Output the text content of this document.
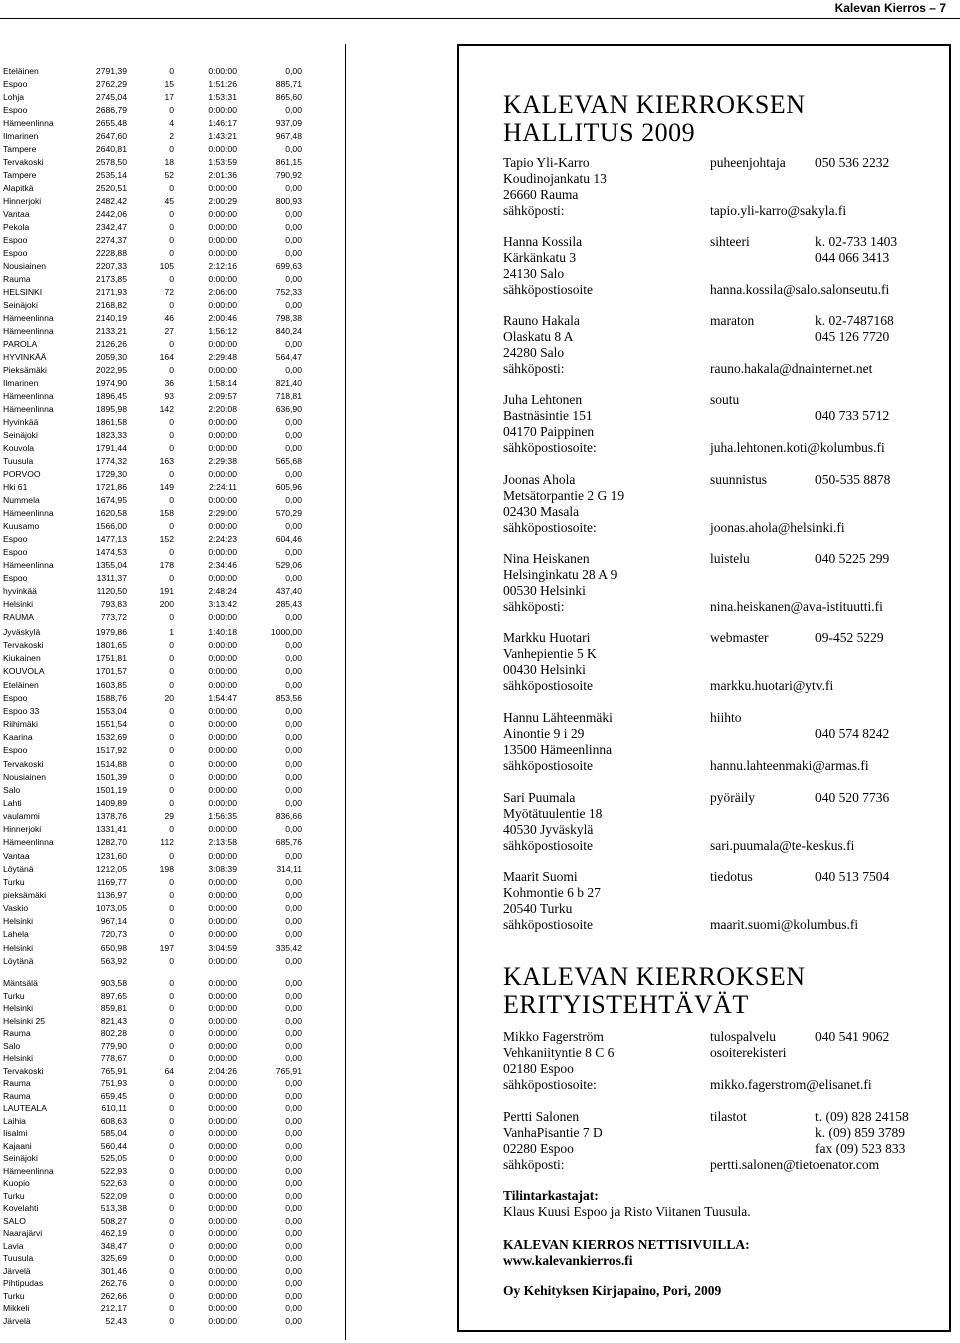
Kalevan Kierros – 7
Eteläinen	2791,39	0	0:00:00	0,00
Espoo	2762,29	15	1:51:26	885,71
Lohja	2745,04	17	1:53:31	865,60
Espoo	2686,79	0	0:00:00	0,00
Hämeenlinna	2655,48	4	1:46:17	937,09
Ilmarinen	2647,60	2	1:43:21	967,48
Tampere	2640,81	0	0:00:00	0,00
Tervakoski	2578,50	18	1:53:59	861,15
Tampere	2535,14	52	2:01:36	790,92
Alapitkä	2520,51	0	0:00:00	0,00
Hinnerjoki	2482,42	45	2:00:29	800,93
Vantaa	2442,06	0	0:00:00	0,00
Pekola	2342,47	0	0:00:00	0,00
Espoo	2274,37	0	0:00:00	0,00
Espoo	2228,88	0	0:00:00	0,00
Nousiainen	2207,33	105	2:12:16	699,63
Rauma	2173,85	0	0:00:00	0,00
HELSINKI	2171,93	72	2:06:00	752,33
Seinäjoki	2168,82	0	0:00:00	0,00
Hämeenlinna	2140,19	46	2:00:46	798,38
Hämeenlinna	2133,21	27	1:56:12	840,24
PAROLA	2126,26	0	0:00:00	0,00
HYVINKÄÄ	2059,30	164	2:29:48	564,47
Pieksämäki	2022,95	0	0:00:00	0,00
Ilmarinen	1974,90	36	1:58:14	821,40
Hämeenlinna	1896,45	93	2:09:57	718,81
Hämeenlinna	1895,98	142	2:20:08	636,90
Hyvinkää	1861,58	0	0:00:00	0,00
Seinäjoki	1823,33	0	0:00:00	0,00
Kouvola	1791,44	0	0:00:00	0,00
Tuusula	1774,32	163	2:29:38	565,68
PORVOO	1729,30	0	0:00:00	0,00
Hki 61	1721,86	149	2:24:11	605,96
Nummela	1674,95	0	0:00:00	0,00
Hämeenlinna	1620,58	158	2:29:00	570,29
Kuusamo	1566,00	0	0:00:00	0,00
Espoo	1477,13	152	2:24:23	604,46
Espoo	1474,53	0	0:00:00	0,00
Hämeenlinna	1355,04	178	2:34:46	529,06
Espoo	1311,37	0	0:00:00	0,00
hyvinkää	1120,50	191	2:48:24	437,40
Helsinki	793,83	200	3:13:42	285,43
RAUMA	773,72	0	0:00:00	0,00
Jyväskylä	1979,86	1	1:40:18	1000,00
Tervakoski	1801,65	0	0:00:00	0,00
Kiukainen	1751,81	0	0:00:00	0,00
KOUVOLA	1701,57	0	0:00:00	0,00
Eteläinen	1603,85	0	0:00:00	0,00
Espoo	1588,76	20	1:54:47	853,56
Espoo 33	1553,04	0	0:00:00	0,00
Riihimäki	1551,54	0	0:00:00	0,00
Kaarina	1532,69	0	0:00:00	0,00
Espoo	1517,92	0	0:00:00	0,00
Tervakoski	1514,88	0	0:00:00	0,00
Nousiainen	1501,39	0	0:00:00	0,00
Salo	1501,19	0	0:00:00	0,00
Lahti	1409,89	0	0:00:00	0,00
vaulammi	1378,76	29	1:56:35	836,66
Hinnerjoki	1331,41	0	0:00:00	0,00
Hämeenlinna	1282,70	112	2:13:58	685,76
Vantaa	1231,60	0	0:00:00	0,00
Löytänä	1212,05	198	3:08:39	314,11
Turku	1169,77	0	0:00:00	0,00
pieksämäki	1136,97	0	0:00:00	0,00
Vaskio	1073,05	0	0:00:00	0,00
Helsinki	967,14	0	0:00:00	0,00
Lahela	720,73	0	0:00:00	0,00
Helsinki	650,98	197	3:04:59	335,42
Löytänä	563,92	0	0:00:00	0,00
Mäntsälä	903,58	0	0:00:00	0,00
Turku	897,65	0	0:00:00	0,00
Helsinki	859,81	0	0:00:00	0,00
Helsinki 25	821,43	0	0:00:00	0,00
Rauma	802,28	0	0:00:00	0,00
Salo	779,90	0	0:00:00	0,00
Helsinki	778,67	0	0:00:00	0,00
Tervakoski	765,91	64	2:04:26	765,91
Rauma	751,93	0	0:00:00	0,00
Rauma	659,45	0	0:00:00	0,00
LAUTEALA	610,11	0	0:00:00	0,00
Laihia	608,63	0	0:00:00	0,00
Iisalmi	585,04	0	0:00:00	0,00
Kajaani	560,44	0	0:00:00	0,00
Seinäjoki	525,05	0	0:00:00	0,00
Hämeenlinna	522,93	0	0:00:00	0,00
Kuopio	522,63	0	0:00:00	0,00
Turku	522,09	0	0:00:00	0,00
Kovelahti	513,38	0	0:00:00	0,00
SALO	508,27	0	0:00:00	0,00
Naarajärvi	462,19	0	0:00:00	0,00
Lavia	348,47	0	0:00:00	0,00
Tuusula	325,69	0	0:00:00	0,00
Järvelä	301,46	0	0:00:00	0,00
Pihtipudas	262,76	0	0:00:00	0,00
Turku	262,66	0	0:00:00	0,00
Mikkeli	212,17	0	0:00:00	0,00
Järvelä	52,43	0	0:00:00	0,00
KALEVAN KIERROKSEN
HALLITUS 2009
KALEVAN KIERROKSEN
ERITYISTEHTÄVÄT
Tapio Yli-Karro	puheenjohtaja 050 536 2232
Koudinojankatu 13
26660 Rauma
sähköposti:	tapio.yli-karro@sakyla.fi
Hanna Kossila	sihteeri	k. 02-733 1403
Kärkänkatu 3	044 066 3413
24130 Salo
sähköpostiosoite	hanna.kossila@salo.salonseutu.fi
Rauno Hakala	maraton	k. 02-7487168
Olaskatu 8 A	045 126 7720
24280 Salo
sähköposti:	rauno.hakala@dnainternet.net
Juha Lehtonen	soutu
Bastnäsintie 151	040 733 5712
04170 Paippinen
sähköpostiosoite:	juha.lehtonen.koti@kolumbus.fi
Joonas Ahola	suunnistus	050-535 8878
Metsätorpantie 2 G 19
02430 Masala
sähköpostiosoite:	joonas.ahola@helsinki.fi
Nina Heiskanen	luistelu	040 5225 299
Helsinginkatu 28 A 9
00530 Helsinki
sähköposti:	nina.heiskanen@ava-istituutti.fi
Markku Huotari	webmaster	09-452 5229
Vanhepientie 5 K
00430 Helsinki
sähköpostiosoite	markku.huotari@ytv.fi
Hannu Lähteenmäki	hiihto
Ainontie 9 i 29	040 574 8242
13500 Hämeenlinna
sähköpostiosoite	hannu.lahteenmaki@armas.fi
Sari Puumala	pyöräily	040 520 7736
Myötätuulentie 18
40530 Jyväskylä
sähköpostiosoite	sari.puumala@te-keskus.fi
Maarit Suomi	tiedotus	040 513 7504
Kohmontie 6 b 27
20540 Turku
sähköpostiosoite	maarit.suomi@kolumbus.fi
Mikko Fagerström	tulospalvelu	040 541 9062
Vehkaniityntie 8 C 6	osoiterekisteri
02180 Espoo
sähköpostiosoite:	mikko.fagerstrom@elisanet.fi
Pertti Salonen	tilastot	t. (09) 828 24158
VanhaPisantie 7 D	k. (09) 859 3789
02280 Espoo	fax (09) 523 833
sähköposti:	pertti.salonen@tietoenator.com
Tilintarkastajat:
Klaus Kuusi Espoo ja Risto Viitanen Tuusula.
KALEVAN KIERROS NETTISIVUILLA:
www.kalevankierros.fi
Oy Kehityksen Kirjapaino, Pori, 2009
